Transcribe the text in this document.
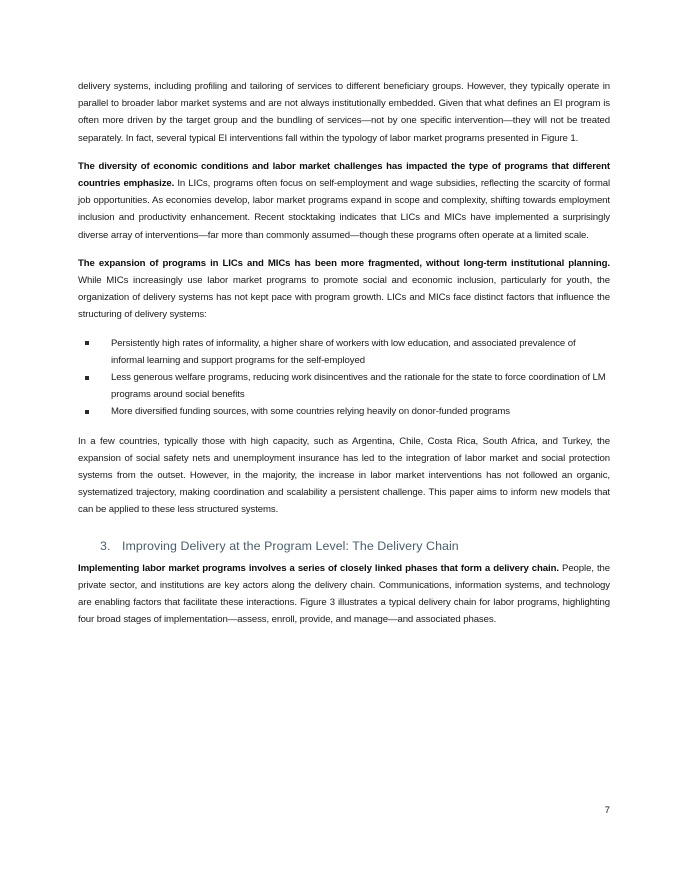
delivery systems, including profiling and tailoring of services to different beneficiary groups. However, they typically operate in parallel to broader labor market systems and are not always institutionally embedded. Given that what defines an EI program is often more driven by the target group and the bundling of services—not by one specific intervention—they will not be treated separately. In fact, several typical EI interventions fall within the typology of labor market programs presented in Figure 1.

The diversity of economic conditions and labor market challenges has impacted the type of programs that different countries emphasize. In LICs, programs often focus on self-employment and wage subsidies, reflecting the scarcity of formal job opportunities. As economies develop, labor market programs expand in scope and complexity, shifting towards employment inclusion and productivity enhancement. Recent stocktaking indicates that LICs and MICs have implemented a surprisingly diverse array of interventions—far more than commonly assumed—though these programs often operate at a limited scale.

The expansion of programs in LICs and MICs has been more fragmented, without long-term institutional planning. While MICs increasingly use labor market programs to promote social and economic inclusion, particularly for youth, the organization of delivery systems has not kept pace with program growth. LICs and MICs face distinct factors that influence the structuring of delivery systems:

Persistently high rates of informality, a higher share of workers with low education, and associated prevalence of informal learning and support programs for the self-employed
Less generous welfare programs, reducing work disincentives and the rationale for the state to force coordination of LM programs around social benefits
More diversified funding sources, with some countries relying heavily on donor-funded programs

In a few countries, typically those with high capacity, such as Argentina, Chile, Costa Rica, South Africa, and Turkey, the expansion of social safety nets and unemployment insurance has led to the integration of labor market and social protection systems from the outset. However, in the majority, the increase in labor market interventions has not followed an organic, systematized trajectory, making coordination and scalability a persistent challenge. This paper aims to inform new models that can be applied to these less structured systems.

3. Improving Delivery at the Program Level: The Delivery Chain

Implementing labor market programs involves a series of closely linked phases that form a delivery chain. People, the private sector, and institutions are key actors along the delivery chain. Communications, information systems, and technology are enabling factors that facilitate these interactions. Figure 3 illustrates a typical delivery chain for labor programs, highlighting four broad stages of implementation—assess, enroll, provide, and manage—and associated phases.

7
